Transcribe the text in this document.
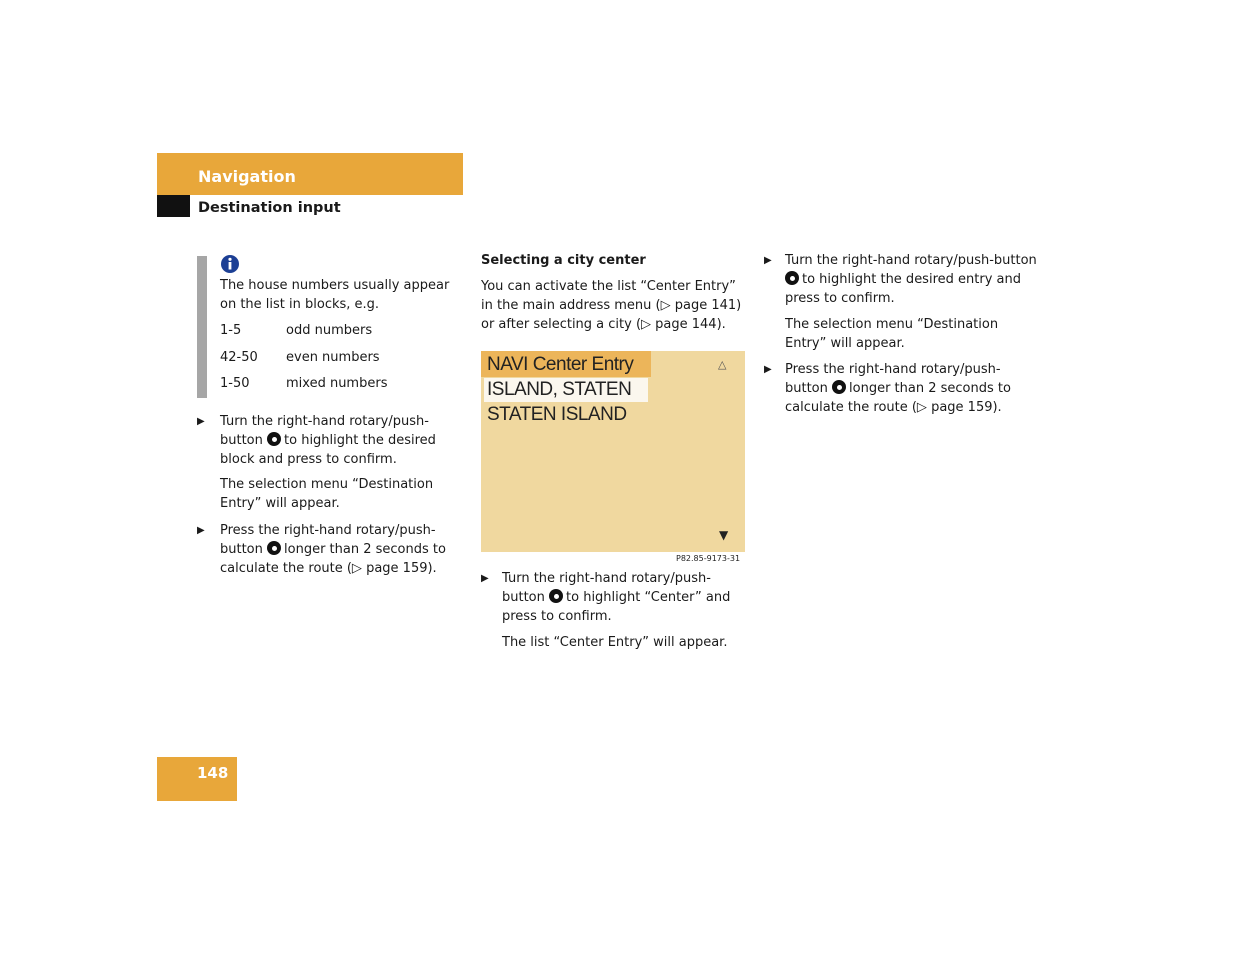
Navigation
Destination input
The house numbers usually appear on the list in blocks, e.g.
1-5	odd numbers
42-50 even numbers
1-50	mixed numbers
▶ Turn the right-hand rotary/push-button to highlight the desired block and press to confirm.
The selection menu “Destination Entry” will appear.
▶ Press the right-hand rotary/push-button longer than 2 seconds to calculate the route (▷ page 159).
Selecting a city center
You can activate the list “Center Entry” in the main address menu (▷ page 141) or after selecting a city (▷ page 144).
NAVI Center Entry
ISLAND, STATEN
STATEN ISLAND
△
▼
P82.85-9173-31
▶ Turn the right-hand rotary/push-button to highlight “Center” and press to confirm.
The list “Center Entry” will appear.
▶ Turn the right-hand rotary/push-button to highlight the desired entry and press to confirm.
The selection menu “Destination Entry” will appear.
▶ Press the right-hand rotary/push-button longer than 2 seconds to calculate the route (▷ page 159).
148
